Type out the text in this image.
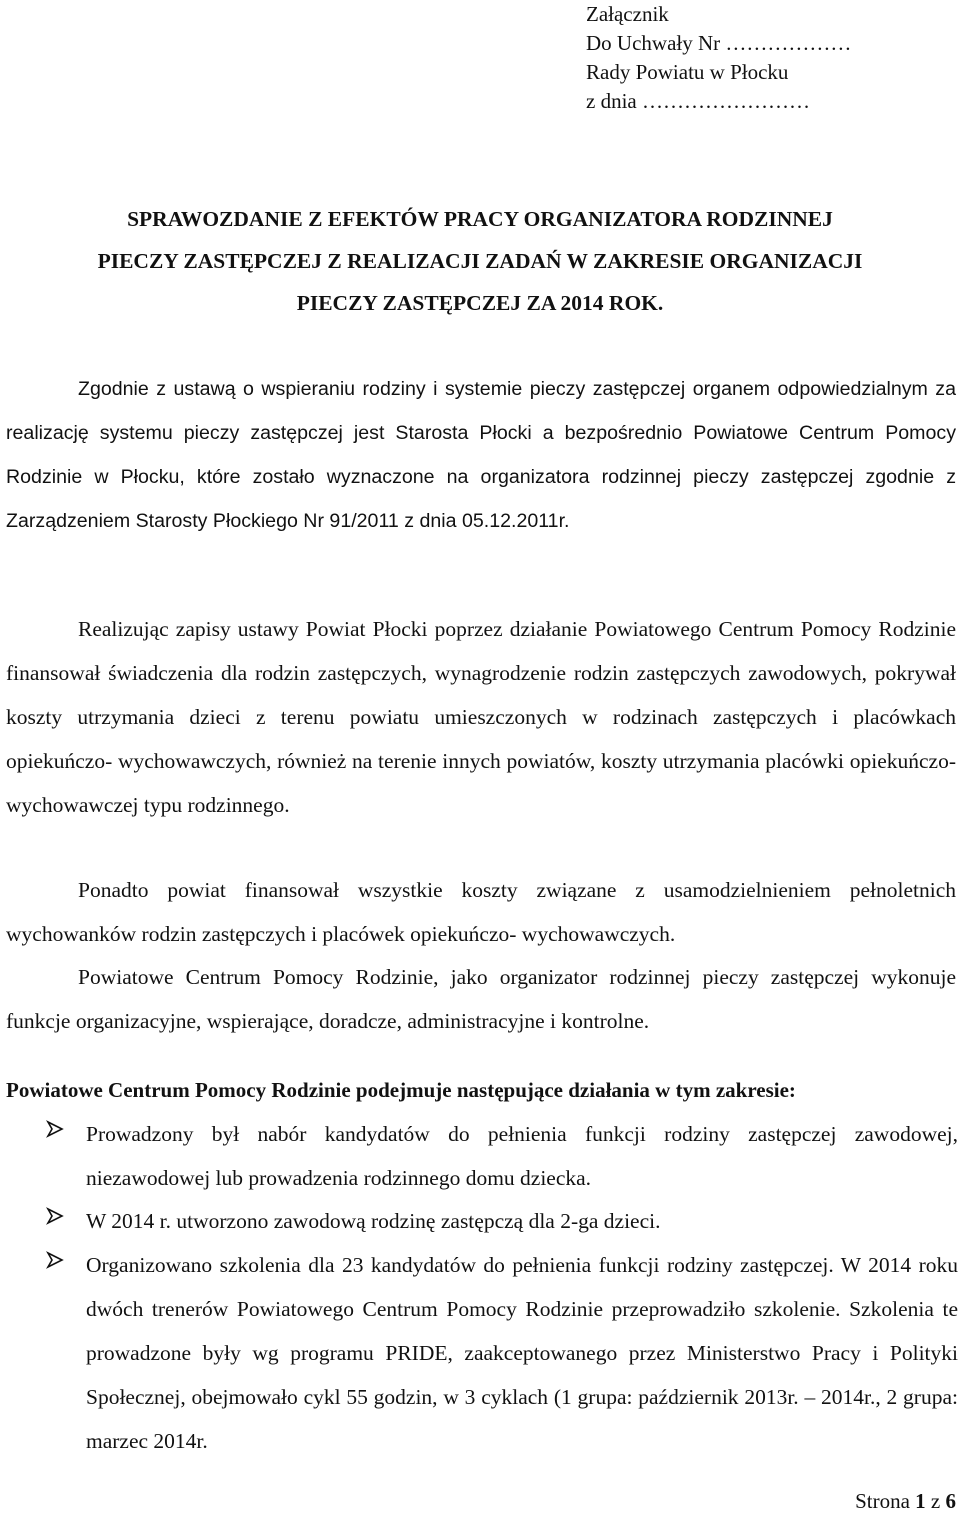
Załącznik
Do Uchwały Nr ………………
Rady Powiatu w Płocku
z dnia ……………………
SPRAWOZDANIE Z EFEKTÓW PRACY ORGANIZATORA RODZINNEJ
PIECZY ZASTĘPCZEJ Z REALIZACJI ZADAŃ W ZAKRESIE ORGANIZACJI
PIECZY ZASTĘPCZEJ ZA 2014 ROK.
Zgodnie z ustawą o wspieraniu rodziny i systemie pieczy zastępczej organem odpowiedzialnym za realizację systemu pieczy zastępczej jest Starosta Płocki a bezpośrednio Powiatowe Centrum Pomocy Rodzinie w Płocku, które zostało wyznaczone na organizatora rodzinnej pieczy zastępczej zgodnie z Zarządzeniem Starosty Płockiego Nr 91/2011 z dnia 05.12.2011r.
Realizując zapisy ustawy Powiat Płocki poprzez działanie Powiatowego Centrum Pomocy Rodzinie finansował świadczenia dla rodzin zastępczych, wynagrodzenie rodzin zastępczych zawodowych, pokrywał koszty utrzymania dzieci z terenu powiatu umieszczonych w rodzinach zastępczych i placówkach opiekuńczo- wychowawczych, również na terenie innych powiatów, koszty utrzymania placówki opiekuńczo-wychowawczej typu rodzinnego.
Ponadto powiat finansował wszystkie koszty związane z usamodzielnieniem pełnoletnich wychowanków rodzin zastępczych i placówek opiekuńczo- wychowawczych.
Powiatowe Centrum Pomocy Rodzinie, jako organizator rodzinnej pieczy zastępczej wykonuje funkcje organizacyjne, wspierające, doradcze, administracyjne i kontrolne.
Powiatowe Centrum Pomocy Rodzinie podejmuje następujące działania w tym zakresie:
Prowadzony był nabór kandydatów do pełnienia funkcji rodziny zastępczej zawodowej, niezawodowej lub prowadzenia rodzinnego domu dziecka.
W 2014 r. utworzono zawodową rodzinę zastępczą dla 2-ga dzieci.
Organizowano szkolenia dla 23 kandydatów do pełnienia funkcji rodziny zastępczej. W 2014 roku dwóch trenerów Powiatowego Centrum Pomocy Rodzinie przeprowadziło szkolenie. Szkolenia te prowadzone były wg programu PRIDE, zaakceptowanego przez Ministerstwo Pracy i Polityki Społecznej, obejmowało cykl 55 godzin, w 3 cyklach (1 grupa: październik 2013r. – 2014r., 2 grupa: marzec 2014r.
Strona 1 z 6
